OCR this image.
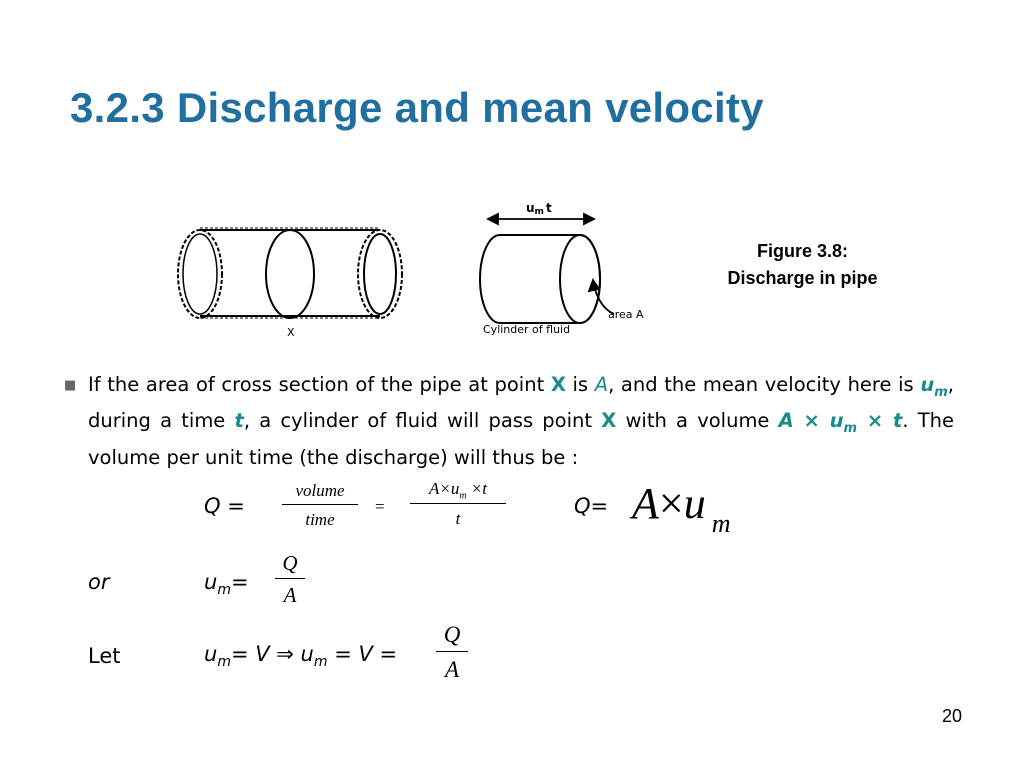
3.2.3 Discharge and mean velocity
X
um t
Cylinder of fluid
area A
Figure 3.8:
Discharge in pipe
■ If the area of cross section of the pipe at point X is A, and the mean velocity here is $u_m$, during a time t, a cylinder of fluid will pass point X with a volume $A \times u_m \times t$. The volume per unit time (the discharge) will thus be :
Q =
volume
time
=
$A\times u_m \times t$
t
Q= A×u $_m$
or	$u_m=$
Q
A
Let	$u_m= V$ ⇒ $u_m = V$ =
Q
A
20
